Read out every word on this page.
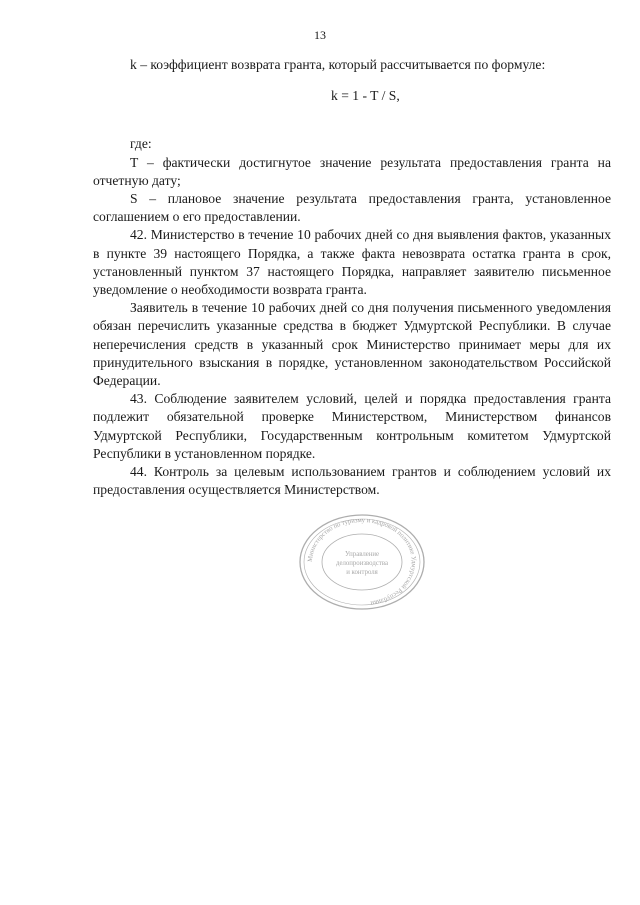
13

k – коэффициент возврата гранта, который рассчитывается по формуле:

k = 1 - T / S,

где:

T – фактически достигнутое значение результата предоставления гранта на отчетную дату;

S – плановое значение результата предоставления гранта, установленное соглашением о его предоставлении.

42. Министерство в течение 10 рабочих дней со дня выявления фактов, указанных в пункте 39 настоящего Порядка, а также факта невозврата остатка гранта в срок, установленный пунктом 37 настоящего Порядка, направляет заявителю письменное уведомление о необходимости возврата гранта.

Заявитель в течение 10 рабочих дней со дня получения письменного уведомления обязан перечислить указанные средства в бюджет Удмуртской Республики. В случае неперечисления средств в указанный срок Министерство принимает меры для их принудительного взыскания в порядке, установленном законодательством Российской Федерации.

43. Соблюдение заявителем условий, целей и порядка предоставления гранта подлежит обязательной проверке Министерством, Министерством финансов Удмуртской Республики, Государственным контрольным комитетом Удмуртской Республики в установленном порядке.

44. Контроль за целевым использованием грантов и соблюдением условий их предоставления осуществляется Министерством.

Министерство по туризму и кадровой политике Удмуртской Республики
Управление
делопроизводства
и контроля
